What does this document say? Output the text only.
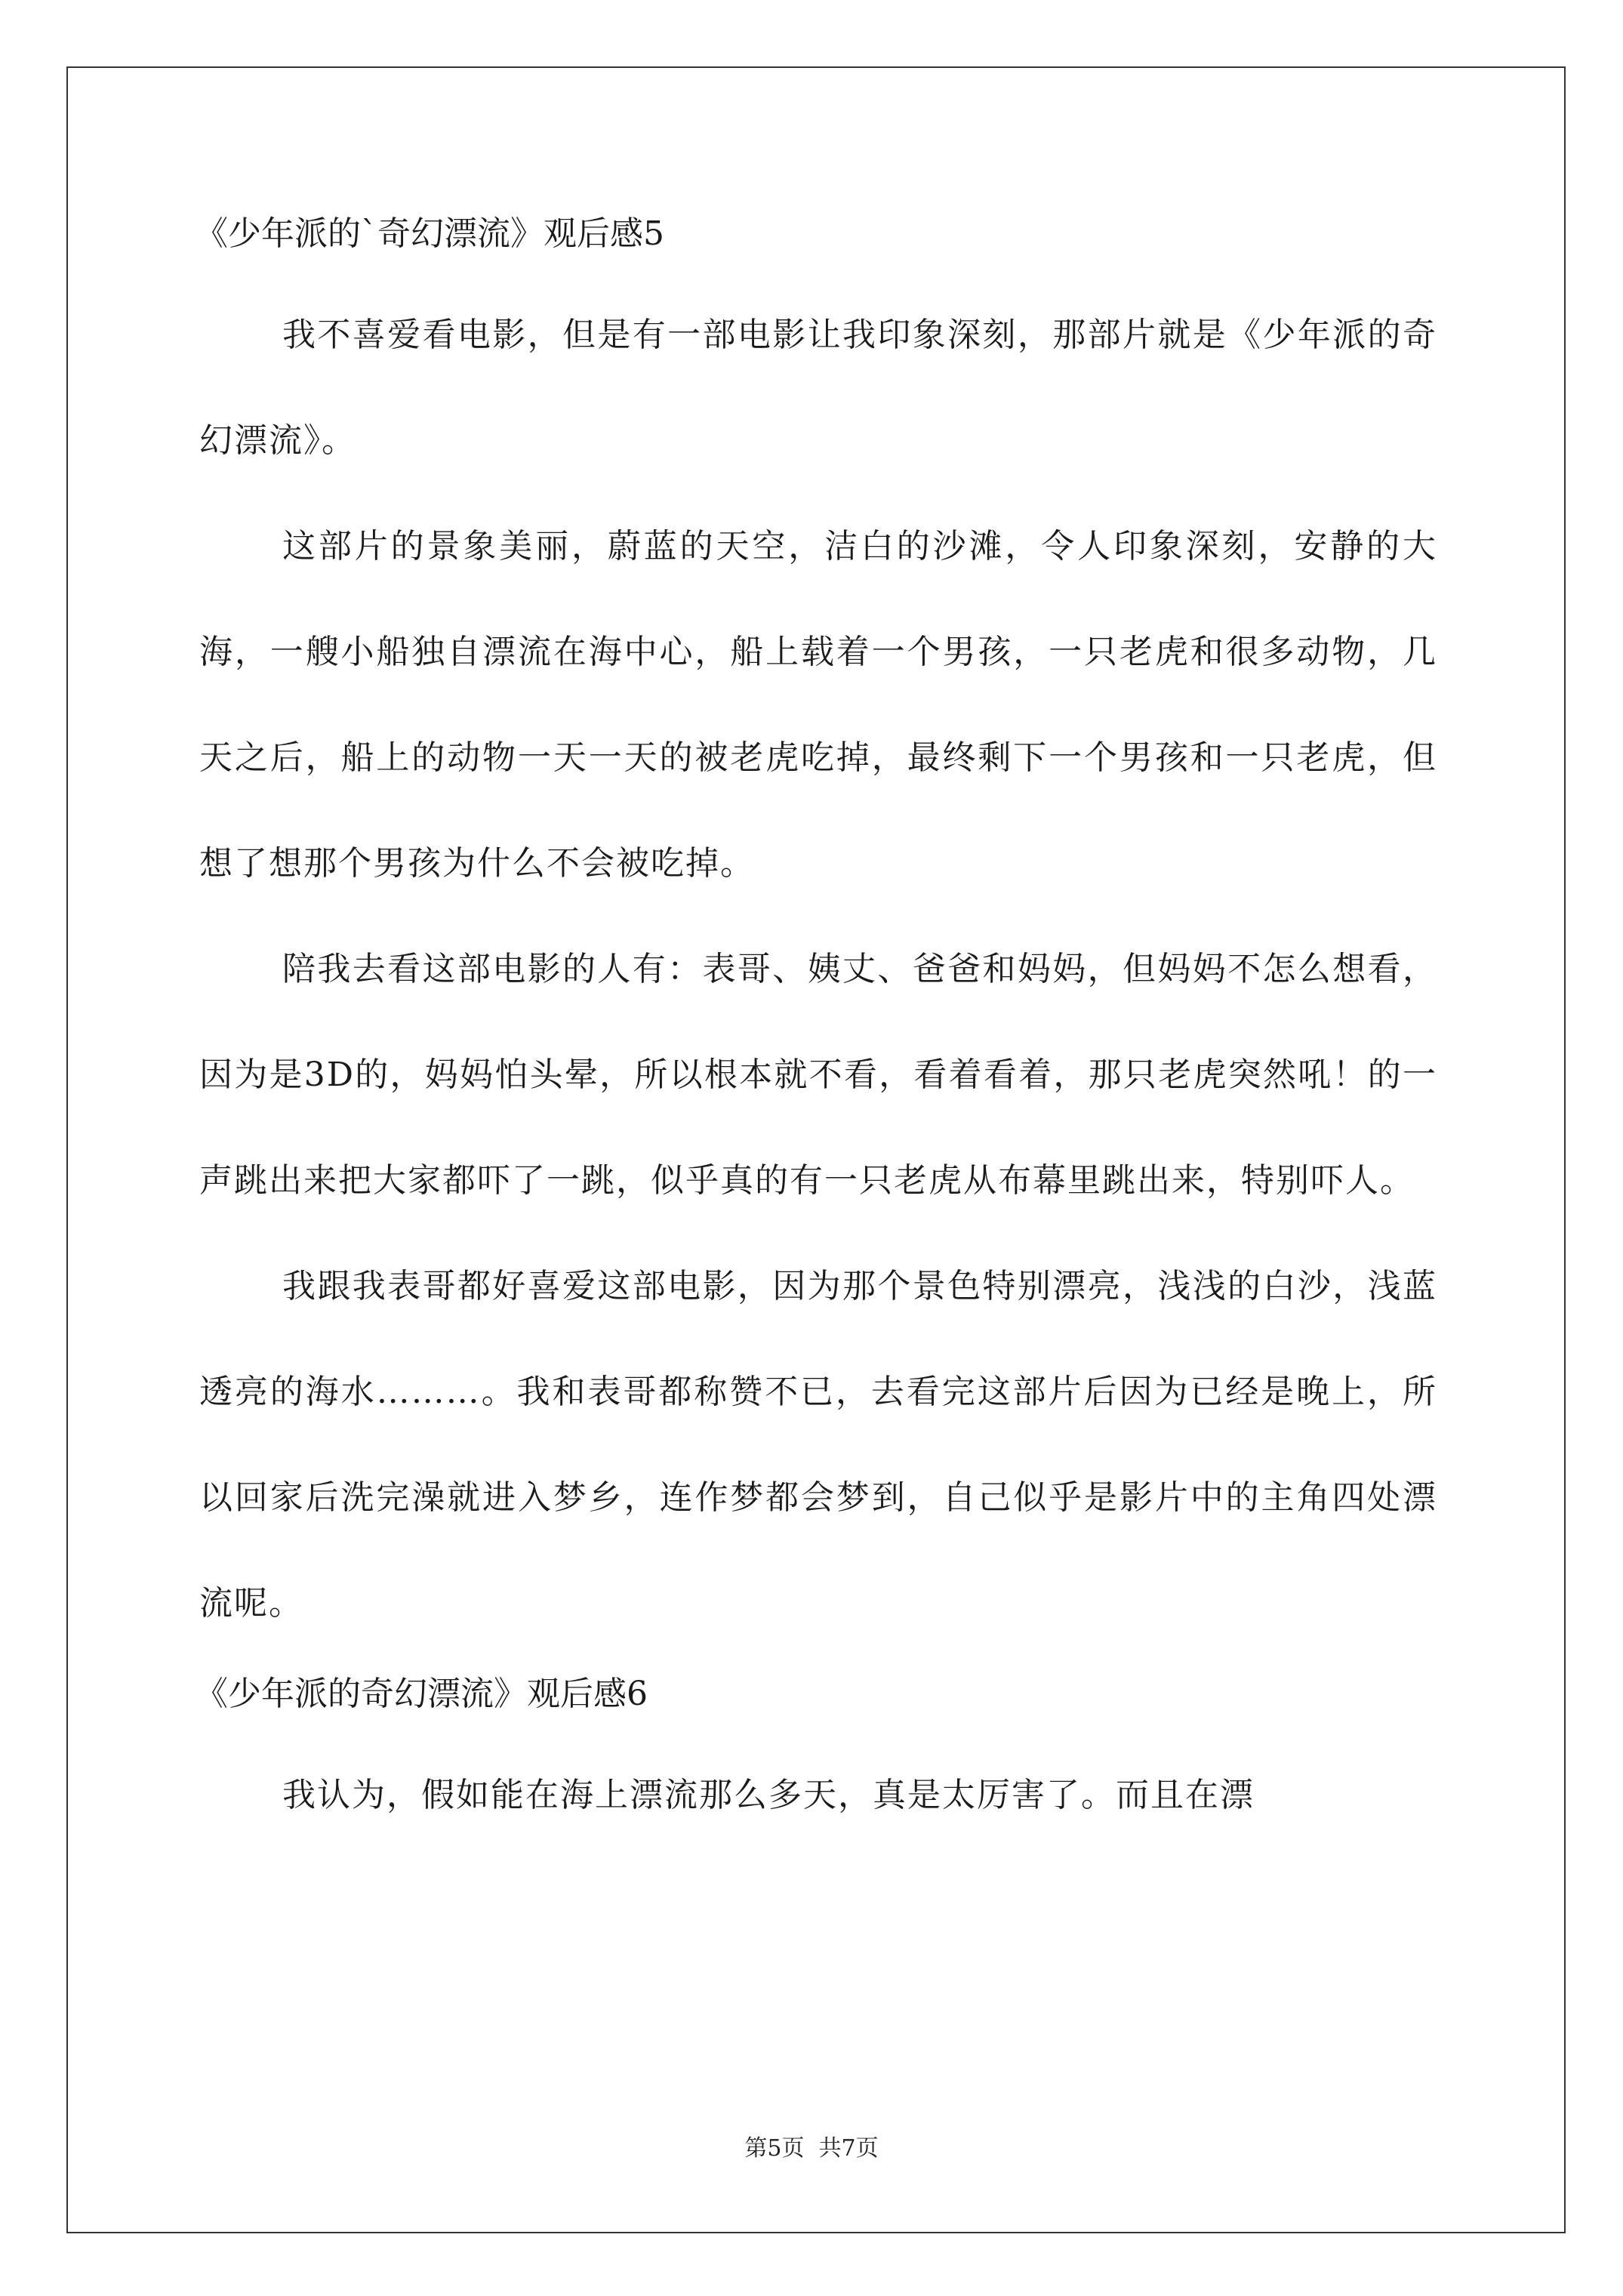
《少年派的`奇幻漂流》观后感5

我不喜爱看电影，但是有一部电影让我印象深刻，那部片就是《少年派的奇幻漂流》。

这部片的景象美丽，蔚蓝的天空，洁白的沙滩，令人印象深刻，安静的大海，一艘小船独自漂流在海中心，船上载着一个男孩，一只老虎和很多动物，几天之后，船上的动物一天一天的被老虎吃掉，最终剩下一个男孩和一只老虎，但想了想那个男孩为什么不会被吃掉。

陪我去看这部电影的人有：表哥、姨丈、爸爸和妈妈，但妈妈不怎么想看，因为是3D的，妈妈怕头晕，所以根本就不看，看着看着，那只老虎突然吼！的一声跳出来把大家都吓了一跳，似乎真的有一只老虎从布幕里跳出来，特别吓人。

我跟我表哥都好喜爱这部电影，因为那个景色特别漂亮，浅浅的白沙，浅蓝透亮的海水………。我和表哥都称赞不已，去看完这部片后因为已经是晚上，所以回家后洗完澡就进入梦乡，连作梦都会梦到，自己似乎是影片中的主角四处漂流呢。

《少年派的奇幻漂流》观后感6

我认为，假如能在海上漂流那么多天，真是太厉害了。而且在漂

第5页  共7页
